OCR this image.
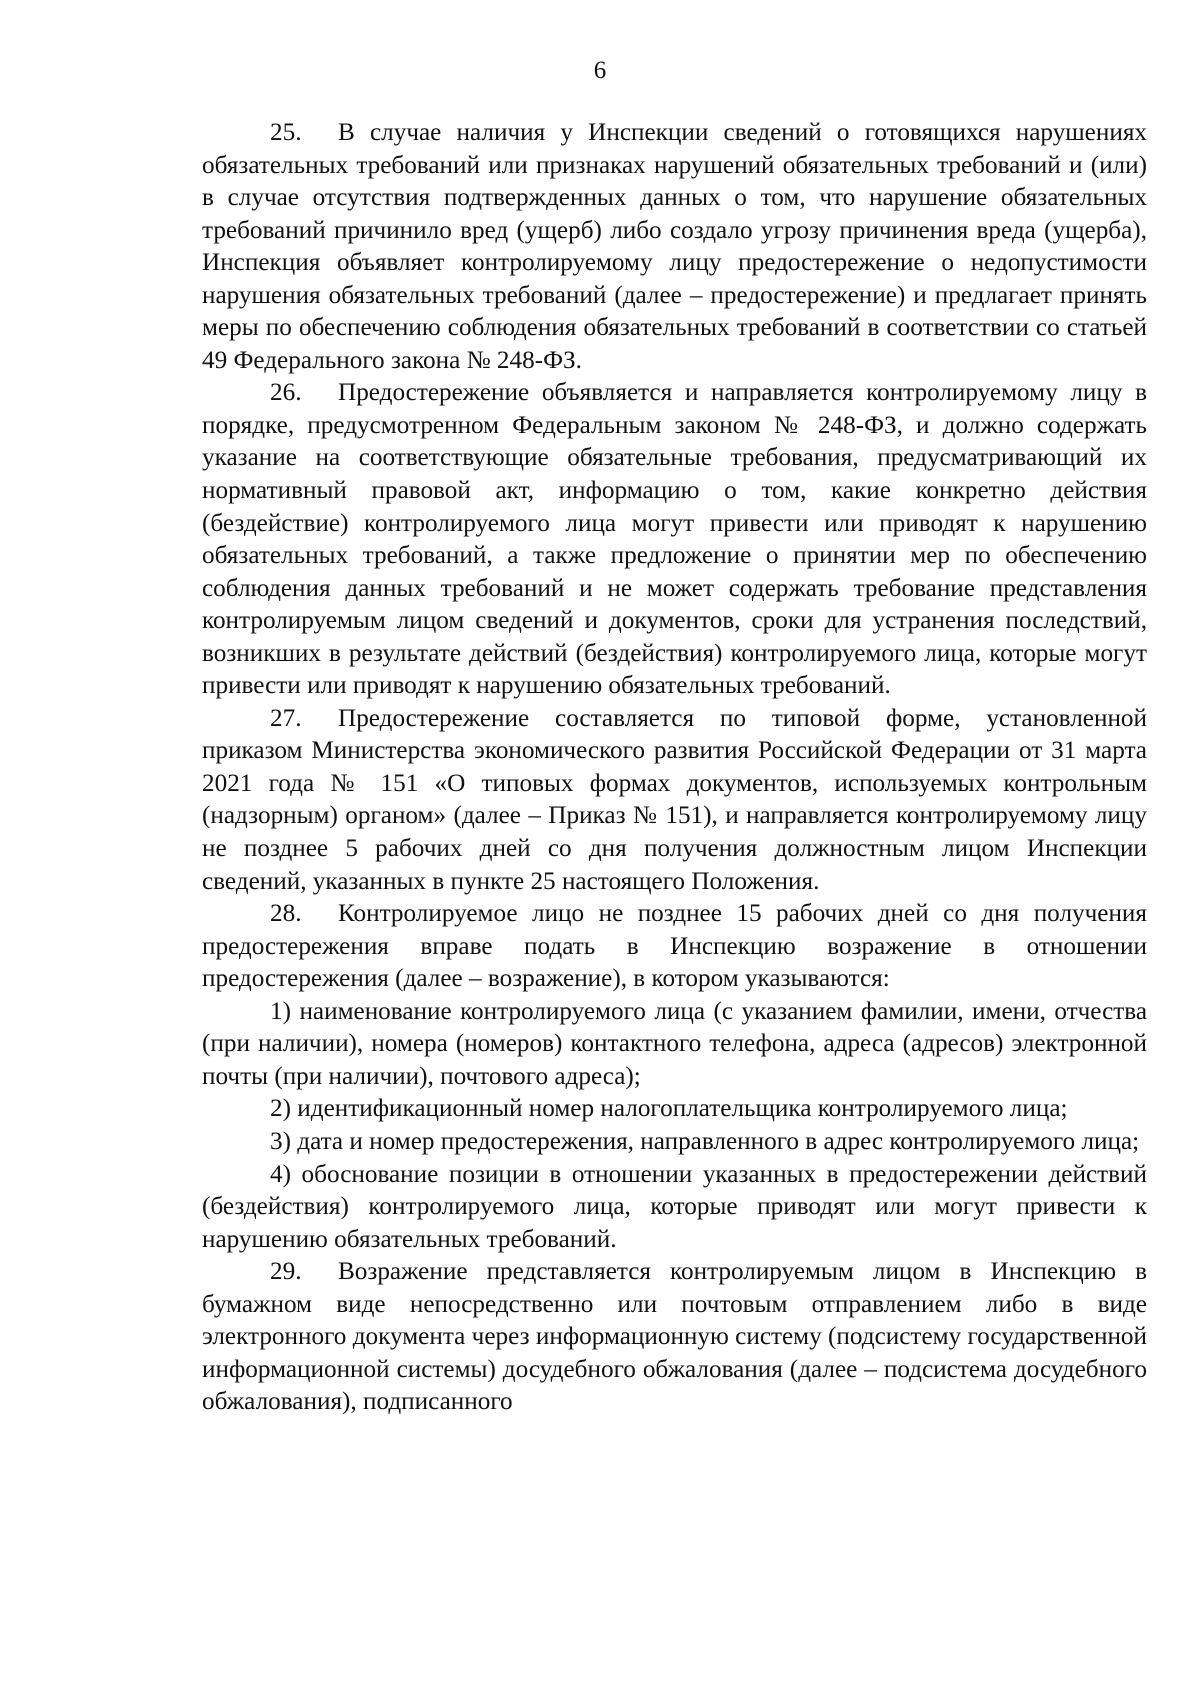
6

25. В случае наличия у Инспекции сведений о готовящихся нарушениях обязательных требований или признаках нарушений обязательных требований и (или) в случае отсутствия подтвержденных данных о том, что нарушение обязательных требований причинило вред (ущерб) либо создало угрозу причинения вреда (ущерба), Инспекция объявляет контролируемому лицу предостережение о недопустимости нарушения обязательных требований (далее – предостережение) и предлагает принять меры по обеспечению соблюдения обязательных требований в соответствии со статьей 49 Федерального закона № 248-ФЗ.

26. Предостережение объявляется и направляется контролируемому лицу в порядке, предусмотренном Федеральным законом № 248-ФЗ, и должно содержать указание на соответствующие обязательные требования, предусматривающий их нормативный правовой акт, информацию о том, какие конкретно действия (бездействие) контролируемого лица могут привести или приводят к нарушению обязательных требований, а также предложение о принятии мер по обеспечению соблюдения данных требований и не может содержать требование представления контролируемым лицом сведений и документов, сроки для устранения последствий, возникших в результате действий (бездействия) контролируемого лица, которые могут привести или приводят к нарушению обязательных требований.

27. Предостережение составляется по типовой форме, установленной приказом Министерства экономического развития Российской Федерации от 31 марта 2021 года № 151 «О типовых формах документов, используемых контрольным (надзорным) органом» (далее – Приказ № 151), и направляется контролируемому лицу не позднее 5 рабочих дней со дня получения должностным лицом Инспекции сведений, указанных в пункте 25 настоящего Положения.

28. Контролируемое лицо не позднее 15 рабочих дней со дня получения предостережения вправе подать в Инспекцию возражение в отношении предостережения (далее – возражение), в котором указываются:

1) наименование контролируемого лица (с указанием фамилии, имени, отчества (при наличии), номера (номеров) контактного телефона, адреса (адресов) электронной почты (при наличии), почтового адреса);

2) идентификационный номер налогоплательщика контролируемого лица;

3) дата и номер предостережения, направленного в адрес контролируемого лица;

4) обоснование позиции в отношении указанных в предостережении действий (бездействия) контролируемого лица, которые приводят или могут привести к нарушению обязательных требований.

29. Возражение представляется контролируемым лицом в Инспекцию в бумажном виде непосредственно или почтовым отправлением либо в виде электронного документа через информационную систему (подсистему государственной информационной системы) досудебного обжалования (далее – подсистема досудебного обжалования), подписанного
